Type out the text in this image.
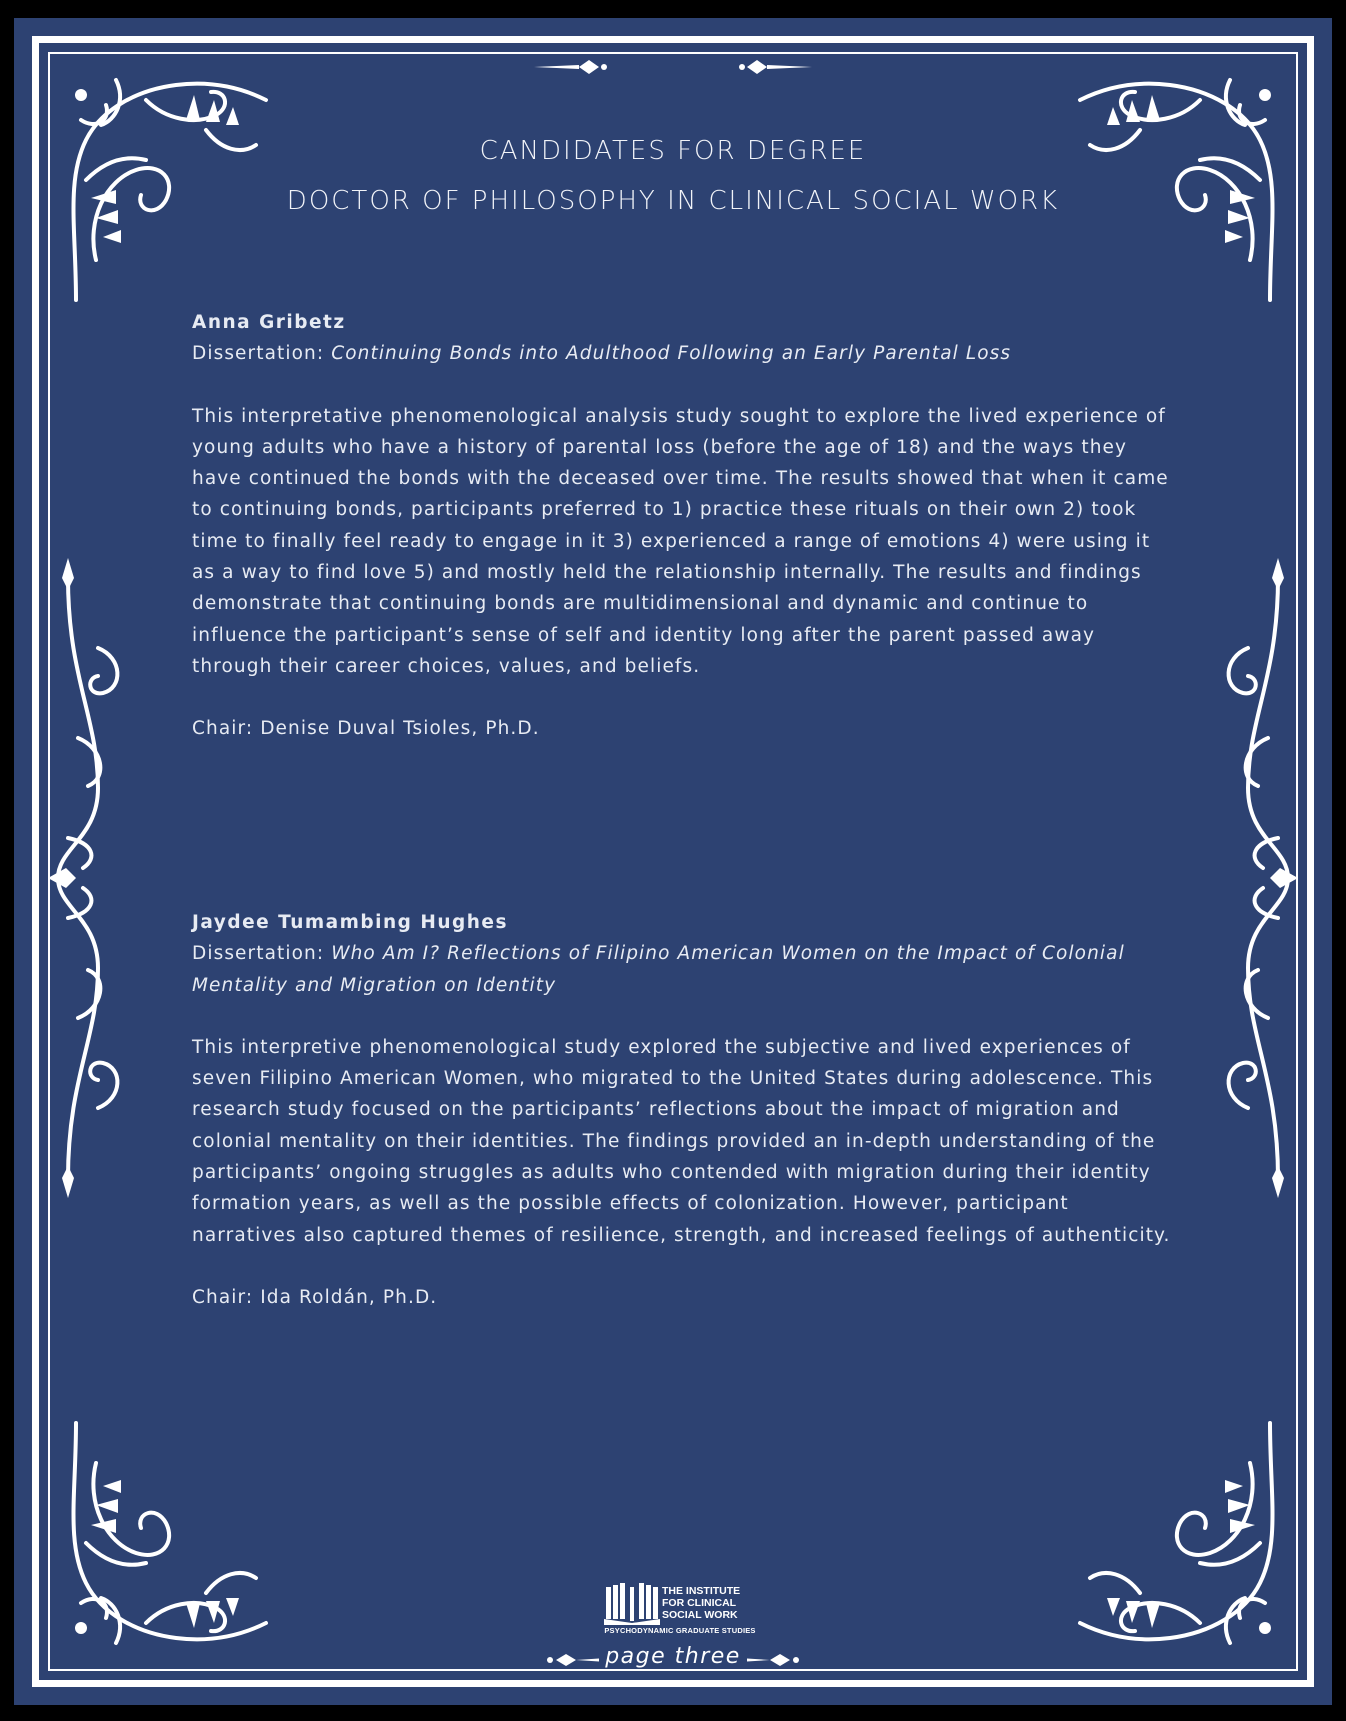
CANDIDATES FOR DEGREE
DOCTOR OF PHILOSOPHY IN CLINICAL SOCIAL WORK
Anna Gribetz
Dissertation: Continuing Bonds into Adulthood Following an Early Parental Loss
This interpretative phenomenological analysis study sought to explore the lived experience of young adults who have a history of parental loss (before the age of 18) and the ways they have continued the bonds with the deceased over time. The results showed that when it came to continuing bonds, participants preferred to 1) practice these rituals on their own 2) took time to finally feel ready to engage in it 3) experienced a range of emotions 4) were using it as a way to find love 5) and mostly held the relationship internally. The results and findings demonstrate that continuing bonds are multidimensional and dynamic and continue to influence the participant’s sense of self and identity long after the parent passed away through their career choices, values, and beliefs.
Chair: Denise Duval Tsioles, Ph.D.
Jaydee Tumambing Hughes
Dissertation: Who Am I? Reflections of Filipino American Women on the Impact of Colonial Mentality and Migration on Identity
This interpretive phenomenological study explored the subjective and lived experiences of seven Filipino American Women, who migrated to the United States during adolescence. This research study focused on the participants’ reflections about the impact of migration and colonial mentality on their identities. The findings provided an in-depth understanding of the participants’ ongoing struggles as adults who contended with migration during their identity formation years, as well as the possible effects of colonization. However, participant narratives also captured themes of resilience, strength, and increased feelings of authenticity.
Chair: Ida Roldán, Ph.D.
THE INSTITUTE
FOR CLINICAL
SOCIAL WORK
PSYCHODYNAMIC GRADUATE STUDIES
page three
